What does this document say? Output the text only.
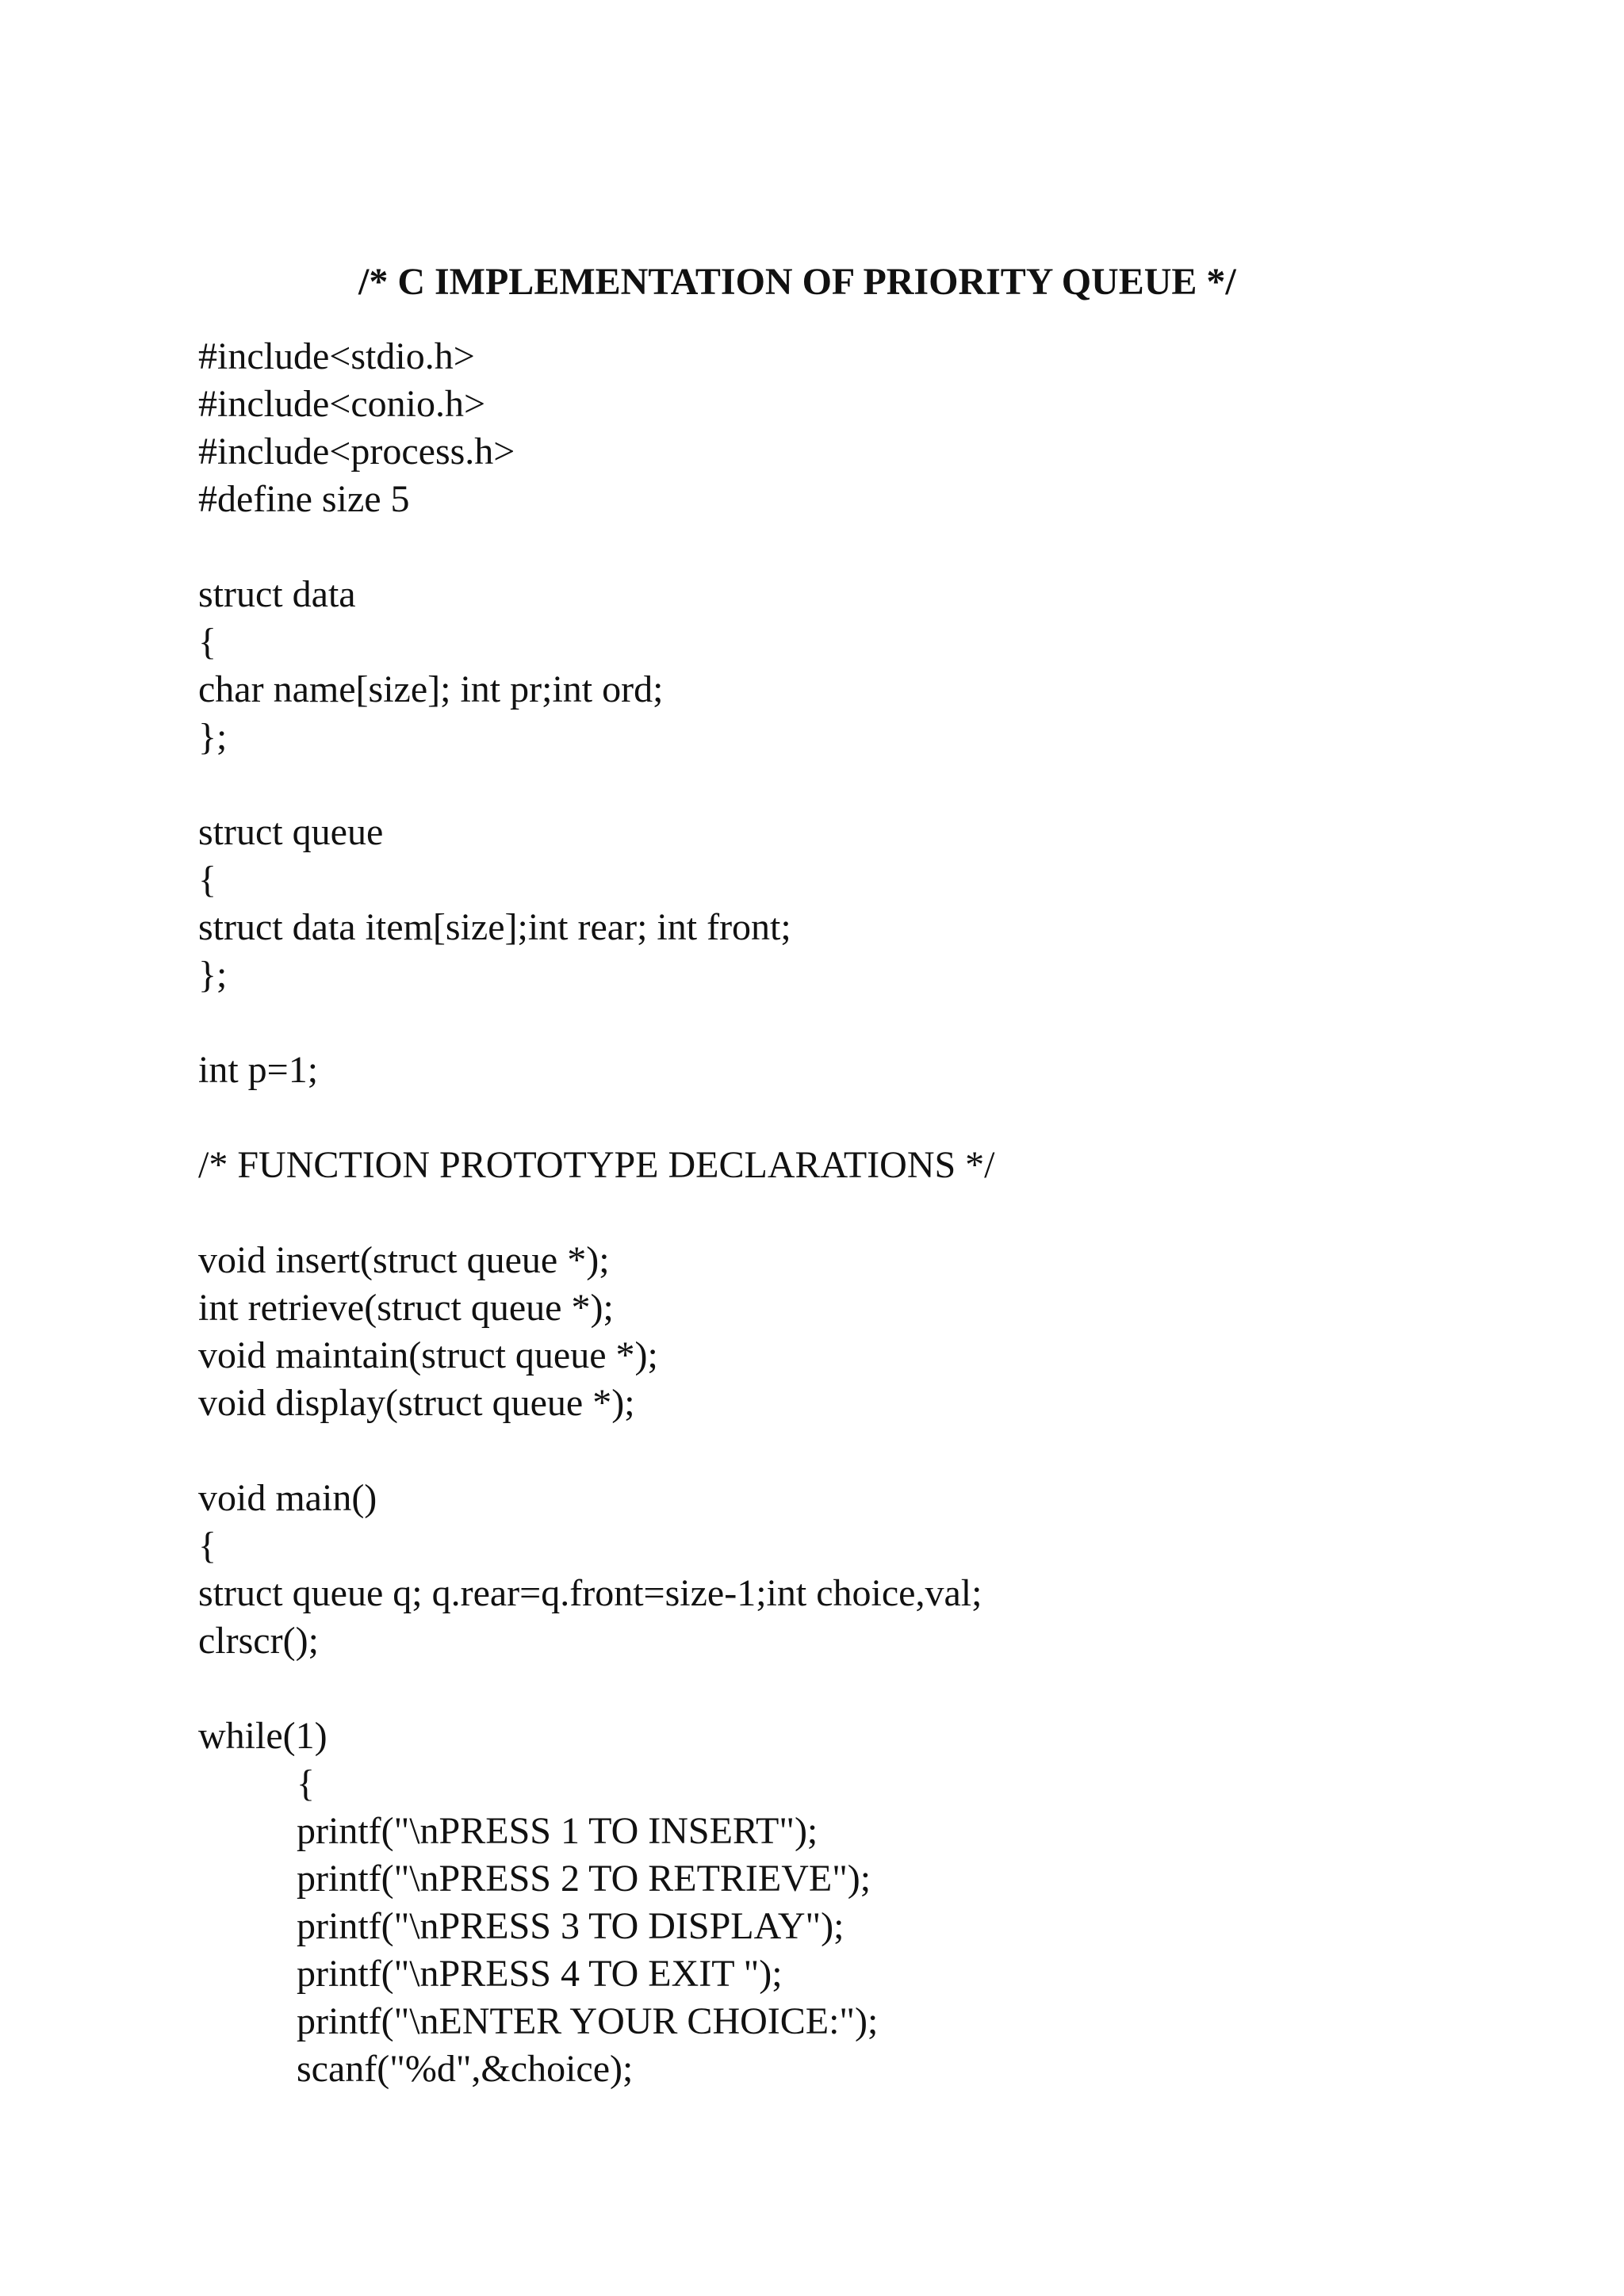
/* C IMPLEMENTATION OF PRIORITY QUEUE */
#include<stdio.h>
#include<conio.h>
#include<process.h>
#define size 5
struct data
{
char name[size]; int pr;int ord;
};
struct queue
{
struct data item[size];int rear; int front;
};
int p=1;
/* FUNCTION PROTOTYPE DECLARATIONS */
void insert(struct queue *);
int retrieve(struct queue *);
void maintain(struct queue *);
void display(struct queue *);
void main()
{
struct queue q; q.rear=q.front=size-1;int choice,val;
clrscr();
while(1)
{
printf("\nPRESS 1 TO INSERT");
printf("\nPRESS 2 TO RETRIEVE");
printf("\nPRESS 3 TO DISPLAY");
printf("\nPRESS 4 TO EXIT ");
printf("\nENTER YOUR CHOICE:");
scanf("%d",&choice);
